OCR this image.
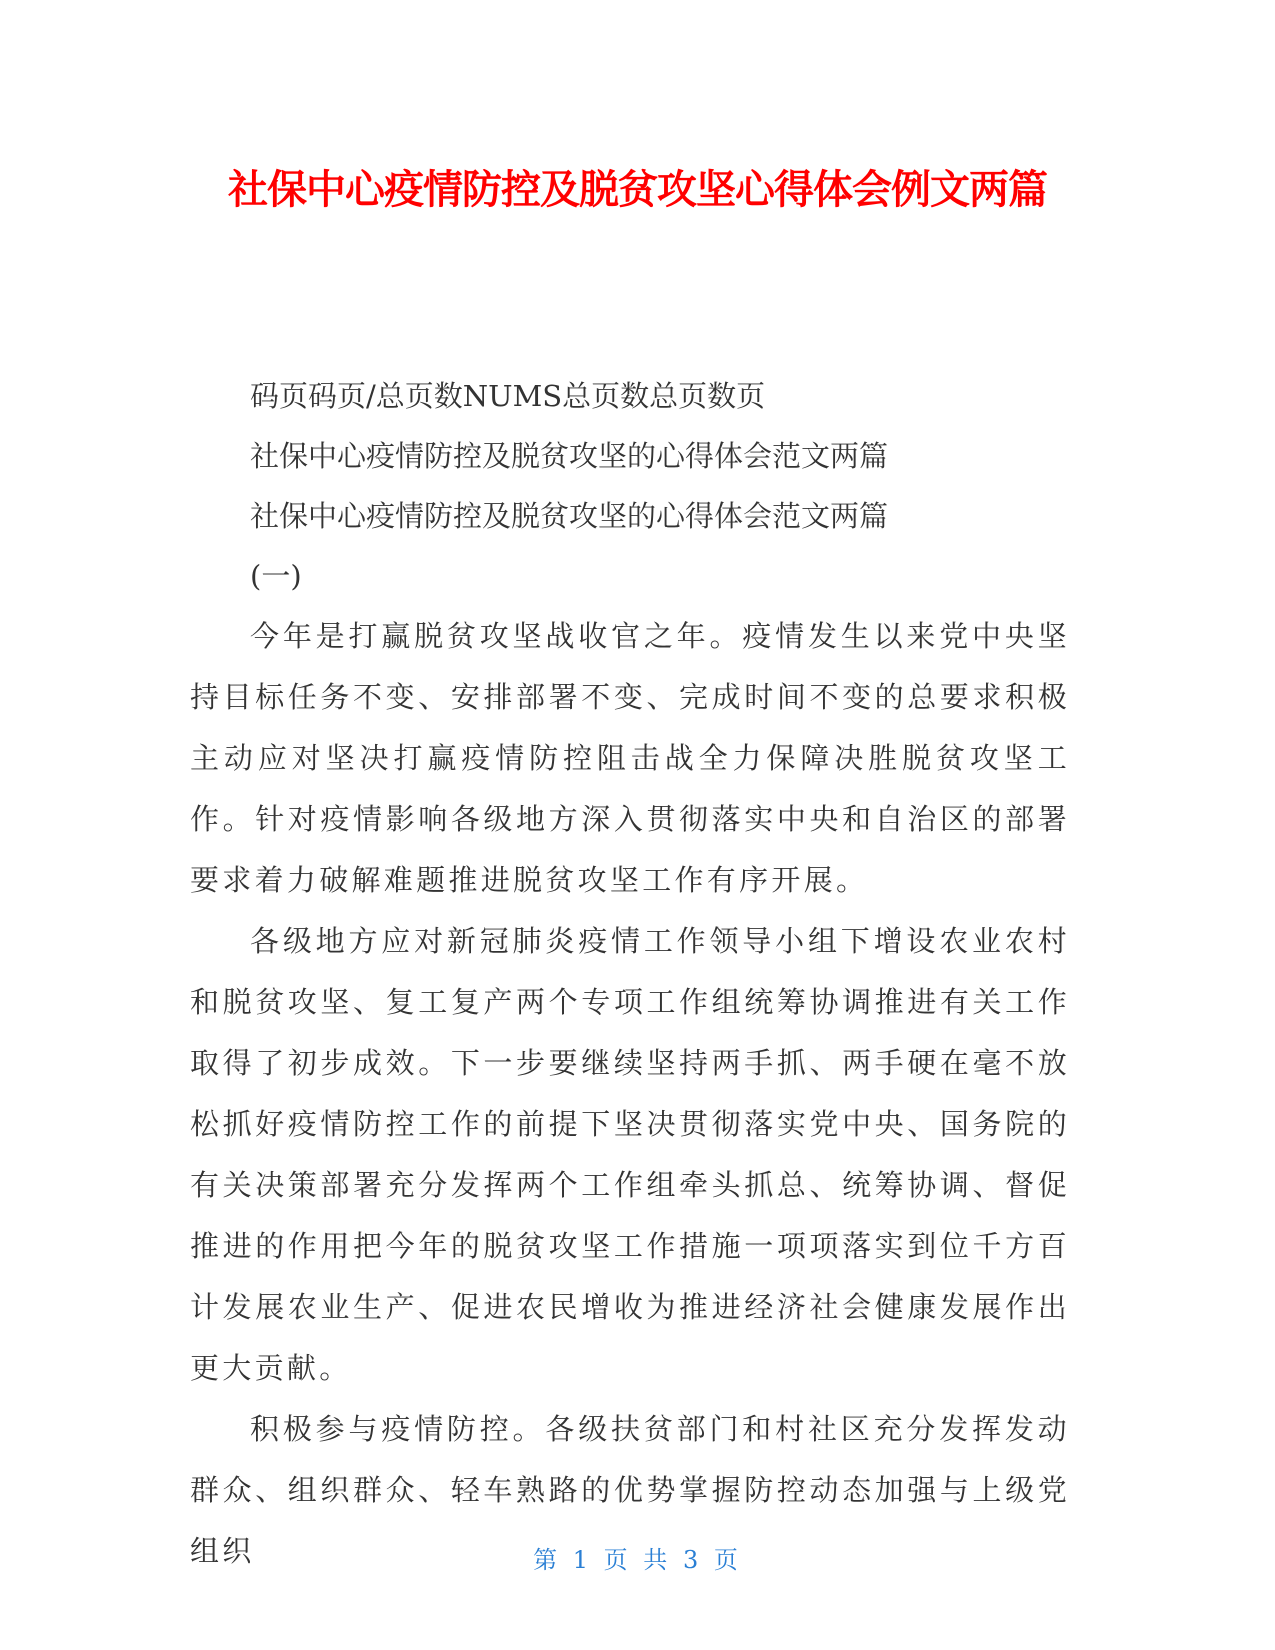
社保中心疫情防控及脱贫攻坚心得体会例文两篇

码页码页/总页数NUMS总页数总页数页

社保中心疫情防控及脱贫攻坚的心得体会范文两篇

社保中心疫情防控及脱贫攻坚的心得体会范文两篇

(一)

今年是打赢脱贫攻坚战收官之年。疫情发生以来党中央坚持目标任务不变、安排部署不变、完成时间不变的总要求积极主动应对坚决打赢疫情防控阻击战全力保障决胜脱贫攻坚工作。针对疫情影响各级地方深入贯彻落实中央和自治区的部署要求着力破解难题推进脱贫攻坚工作有序开展。

各级地方应对新冠肺炎疫情工作领导小组下增设农业农村和脱贫攻坚、复工复产两个专项工作组统筹协调推进有关工作取得了初步成效。下一步要继续坚持两手抓、两手硬在毫不放松抓好疫情防控工作的前提下坚决贯彻落实党中央、国务院的有关决策部署充分发挥两个工作组牵头抓总、统筹协调、督促推进的作用把今年的脱贫攻坚工作措施一项项落实到位千方百计发展农业生产、促进农民增收为推进经济社会健康发展作出更大贡献。

积极参与疫情防控。各级扶贫部门和村社区充分发挥发动群众、组织群众、轻车熟路的优势掌握防控动态加强与上级党组织	第 1 页 共 3 页
